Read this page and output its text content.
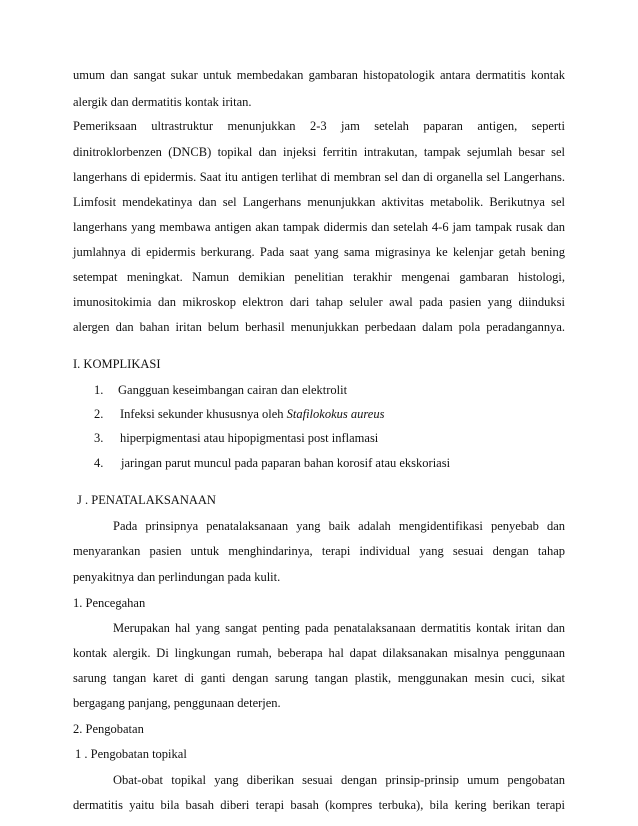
umum dan sangat sukar untuk membedakan gambaran histopatologik antara dermatitis kontak
alergik dan dermatitis kontak iritan.
Pemeriksaan ultrastruktur menunjukkan 2-3 jam setelah paparan antigen, seperti
dinitroklorbenzen (DNCB) topikal dan injeksi ferritin intrakutan, tampak sejumlah besar sel
langerhans di epidermis. Saat itu antigen terlihat di membran sel dan di organella sel Langerhans.
Limfosit mendekatinya dan sel Langerhans menunjukkan aktivitas metabolik. Berikutnya sel
langerhans yang membawa antigen akan tampak didermis dan setelah 4-6 jam tampak rusak dan
jumlahnya di epidermis berkurang. Pada saat yang sama migrasinya ke kelenjar getah bening
setempat meningkat. Namun demikian penelitian terakhir mengenai gambaran histologi,
imunositokimia dan mikroskop elektron dari tahap seluler awal pada pasien yang diinduksi
alergen dan bahan iritan belum berhasil menunjukkan perbedaan dalam pola peradangannya.
I. KOMPLIKASI
1. Gangguan keseimbangan cairan dan elektrolit
2. Infeksi sekunder khususnya oleh Stafilokokus aureus
3. hiperpigmentasi atau hipopigmentasi post inflamasi
4. jaringan parut muncul pada paparan bahan korosif atau ekskoriasi
J . PENATALAKSANAAN
Pada prinsipnya penatalaksanaan yang baik adalah mengidentifikasi penyebab dan
menyarankan pasien untuk menghindarinya, terapi individual yang sesuai dengan tahap
penyakitnya dan perlindungan pada kulit.
1. Pencegahan
Merupakan hal yang sangat penting pada penatalaksanaan dermatitis kontak iritan dan
kontak alergik. Di lingkungan rumah, beberapa hal dapat dilaksanakan misalnya penggunaan
sarung tangan karet di ganti dengan sarung tangan plastik, menggunakan mesin cuci, sikat
bergagang panjang, penggunaan deterjen.
2. Pengobatan
1 . Pengobatan topikal
Obat-obat topikal yang diberikan sesuai dengan prinsip-prinsip umum pengobatan
dermatitis yaitu bila basah diberi terapi basah (kompres terbuka), bila kering berikan terapi
